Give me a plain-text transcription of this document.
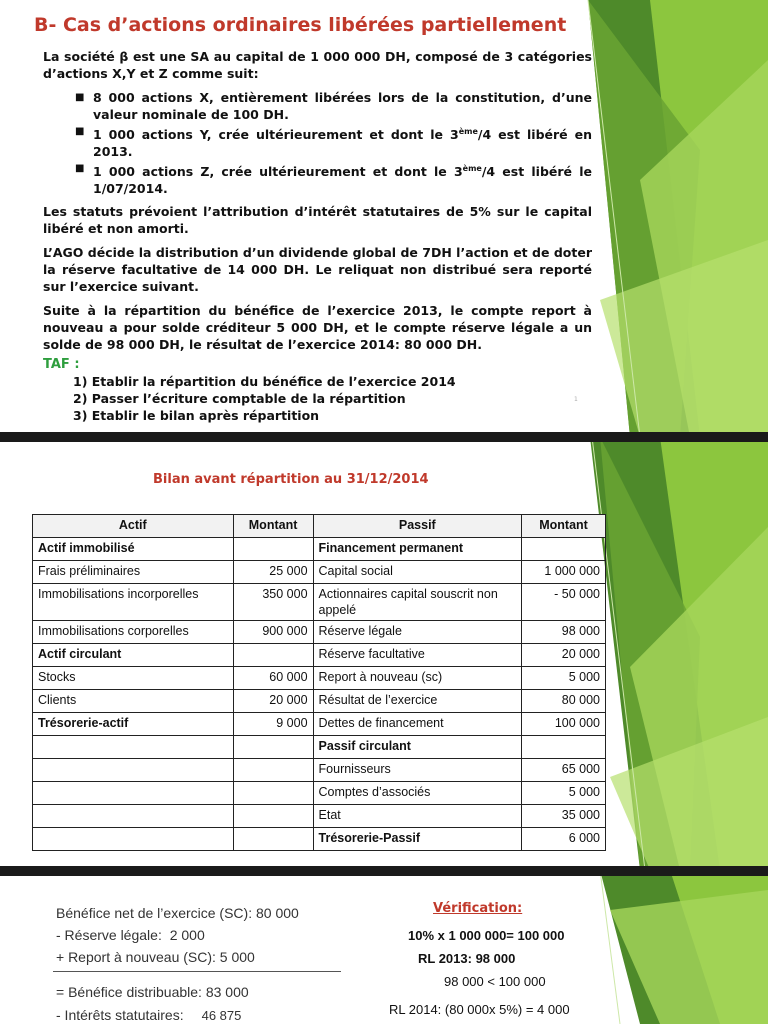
B- Cas d’actions ordinaires libérées partiellement

La société β est une SA au capital de 1 000 000 DH, composé de 3 catégories d’actions X,Y et Z comme suit:

■ 8 000 actions X, entièrement libérées lors de la constitution, d’une valeur nominale de 100 DH.
■ 1 000 actions Y, crée ultérieurement et dont le 3ème/4 est libéré en 2013.
■ 1 000 actions Z, crée ultérieurement et dont le 3ème/4 est libéré le 1/07/2014.

Les statuts prévoient l’attribution d’intérêt statutaires de 5% sur le capital libéré et non amorti.

L’AGO décide la distribution d’un dividende global de 7DH l’action et de doter la réserve facultative de 14 000 DH. Le reliquat non distribué sera reporté sur l’exercice suivant.

Suite à la répartition du bénéfice de l’exercice 2013, le compte report à nouveau a pour solde créditeur 5 000 DH, et le compte réserve légale a un solde de 98 000 DH, le résultat de l’exercice 2014: 80 000 DH.

TAF :
1) Etablir la répartition du bénéfice de l’exercice 2014
2) Passer l’écriture comptable de la répartition
3) Etablir le bilan après répartition
1
Bilan avant répartition au 31/12/2014
Actif	Montant	Passif	Montant
Actif immobilisé		Financement permanent	
Frais préliminaires	25 000	Capital social	1 000 000
Immobilisations incorporelles	350 000	Actionnaires capital souscrit non appelé	- 50 000
Immobilisations corporelles	900 000	Réserve légale	98 000
Actif circulant		Réserve facultative	20 000
Stocks	60 000	Report à nouveau (sc)	5 000
Clients	20 000	Résultat de l’exercice	80 000
Trésorerie-actif	9 000	Dettes de financement	100 000
		Passif circulant	
		Fournisseurs	65 000
		Comptes d’associés	5 000
		Etat	35 000
		Trésorerie-Passif	6 000
Bénéfice net de l’exercice (SC): 80 000
- Réserve légale: 2 000
+ Report à nouveau (SC): 5 000
= Bénéfice distribuable: 83 000
- Intérêts statutaires: 46 875
Vérification:
10% x 1 000 000= 100 000
RL 2013: 98 000
98 000 < 100 000
RL 2014: (80 000x 5%) = 4 000
